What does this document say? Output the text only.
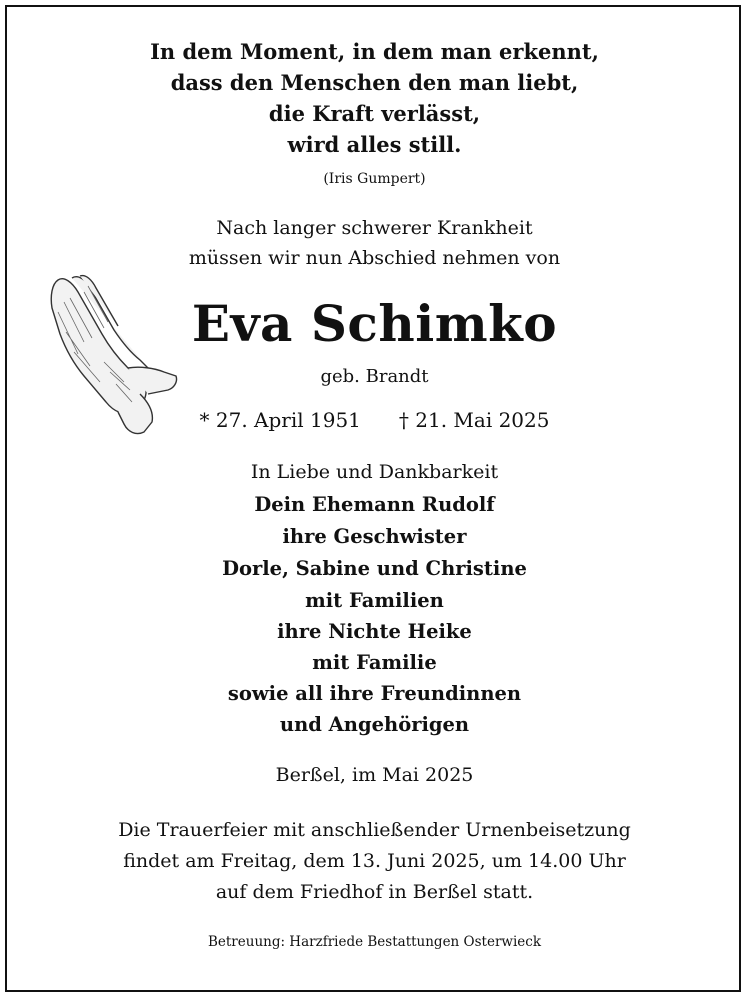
In dem Moment, in dem man erkennt,
dass den Menschen den man liebt,
die Kraft verlässt,
wird alles still.
(Iris Gumpert)
Nach langer schwerer Krankheit
müssen wir nun Abschied nehmen von
Eva Schimko
geb. Brandt
* 27. April 1951 † 21. Mai 2025
In Liebe und Dankbarkeit
Dein Ehemann Rudolf
ihre Geschwister
Dorle, Sabine und Christine
mit Familien
ihre Nichte Heike
mit Familie
sowie all ihre Freundinnen
und Angehörigen
Berßel, im Mai 2025
Die Trauerfeier mit anschließender Urnenbeisetzung
findet am Freitag, dem 13. Juni 2025, um 14.00 Uhr
auf dem Friedhof in Berßel statt.
Betreuung: Harzfriede Bestattungen Osterwieck
